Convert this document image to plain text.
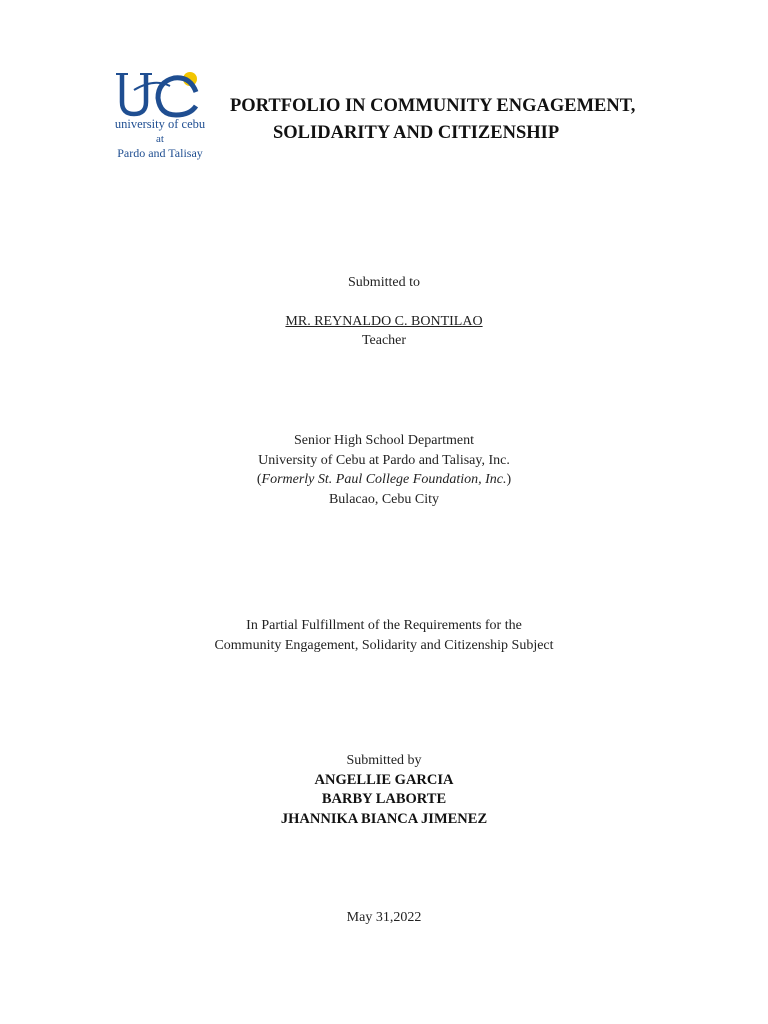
university of cebu
at
Pardo and Talisay
PORTFOLIO IN COMMUNITY ENGAGEMENT,
SOLIDARITY AND CITIZENSHIP
Submitted to
MR. REYNALDO C. BONTILAO
Teacher
Senior High School Department
University of Cebu at Pardo and Talisay, Inc.
(Formerly St. Paul College Foundation, Inc.)
Bulacao, Cebu City
In Partial Fulfillment of the Requirements for the
Community Engagement, Solidarity and Citizenship Subject
Submitted by
ANGELLIE GARCIA
BARBY LABORTE
JHANNIKA BIANCA JIMENEZ
May 31,2022
